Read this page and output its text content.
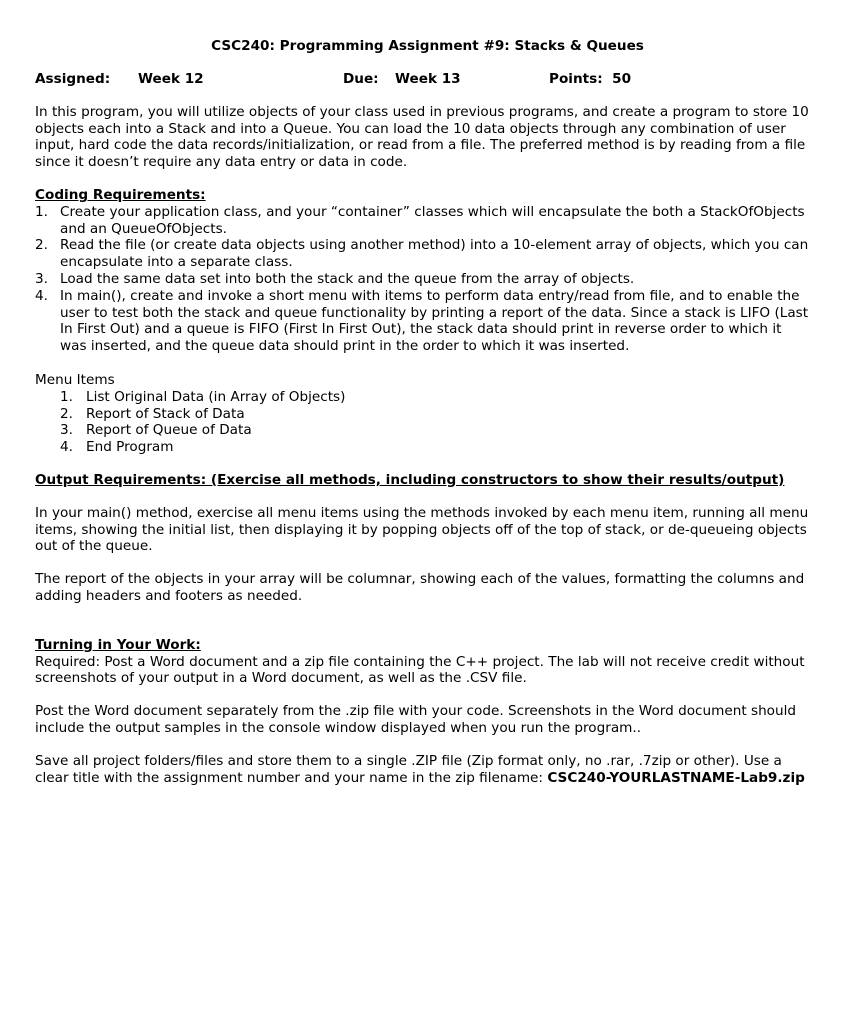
CSC240: Programming Assignment #9: Stacks & Queues

Assigned: Week 12	Due: Week 13	Points: 50

In this program, you will utilize objects of your class used in previous programs, and create a program to store 10 objects each into a Stack and into a Queue. You can load the 10 data objects through any combination of user input, hard code the data records/initialization, or read from a file. The preferred method is by reading from a file since it doesn’t require any data entry or data in code.

Coding Requirements:

1. Create your application class, and your “container” classes which will encapsulate the both a StackOfObjects and an QueueOfObjects.
2. Read the file (or create data objects using another method) into a 10-element array of objects, which you can encapsulate into a separate class.
3. Load the same data set into both the stack and the queue from the array of objects.
4. In main(), create and invoke a short menu with items to perform data entry/read from file, and to enable the user to test both the stack and queue functionality by printing a report of the data. Since a stack is LIFO (Last In First Out) and a queue is FIFO (First In First Out), the stack data should print in reverse order to which it was inserted, and the queue data should print in the order to which it was inserted.

Menu Items

1. List Original Data (in Array of Objects)
2. Report of Stack of Data
3. Report of Queue of Data
4. End Program

Output Requirements: (Exercise all methods, including constructors to show their results/output)

In your main() method, exercise all menu items using the methods invoked by each menu item, running all menu items, showing the initial list, then displaying it by popping objects off of the top of stack, or de-queueing objects out of the queue.

The report of the objects in your array will be columnar, showing each of the values, formatting the columns and adding headers and footers as needed.

Turning in Your Work:

Required: Post a Word document and a zip file containing the C++ project. The lab will not receive credit without screenshots of your output in a Word document, as well as the .CSV file.

Post the Word document separately from the .zip file with your code. Screenshots in the Word document should include the output samples in the console window displayed when you run the program..

Save all project folders/files and store them to a single .ZIP file (Zip format only, no .rar, .7zip or other). Use a clear title with the assignment number and your name in the zip filename: CSC240-YOURLASTNAME-Lab9.zip
